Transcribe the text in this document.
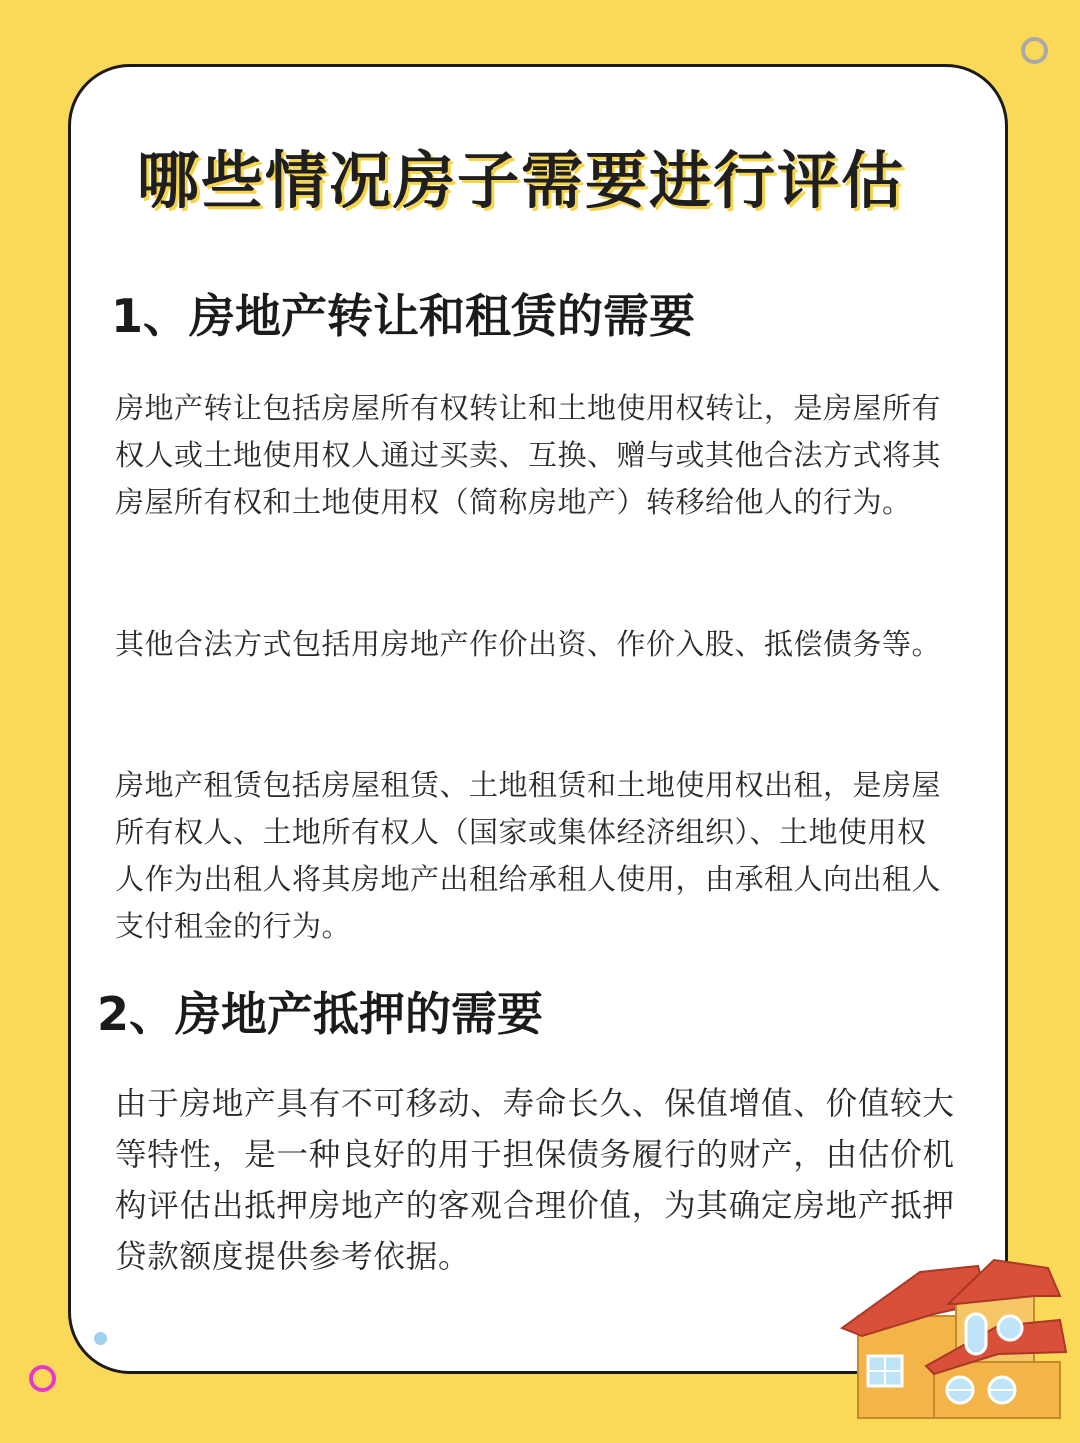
哪些情况房子需要进行评估
1、房地产转让和租赁的需要
房地产转让包括房屋所有权转让和土地使用权转让，是房屋所有权人或土地使用权人通过买卖、互换、赠与或其他合法方式将其房屋所有权和土地使用权（简称房地产）转移给他人的行为。
其他合法方式包括用房地产作价出资、作价入股、抵偿债务等。
房地产租赁包括房屋租赁、土地租赁和土地使用权出租，是房屋所有权人、土地所有权人（国家或集体经济组织）、土地使用权人作为出租人将其房地产出租给承租人使用，由承租人向出租人支付租金的行为。
2、房地产抵押的需要
由于房地产具有不可移动、寿命长久、保值增值、价值较大等特性，是一种良好的用于担保债务履行的财产，由估价机构评估出抵押房地产的客观合理价值，为其确定房地产抵押贷款额度提供参考依据。
